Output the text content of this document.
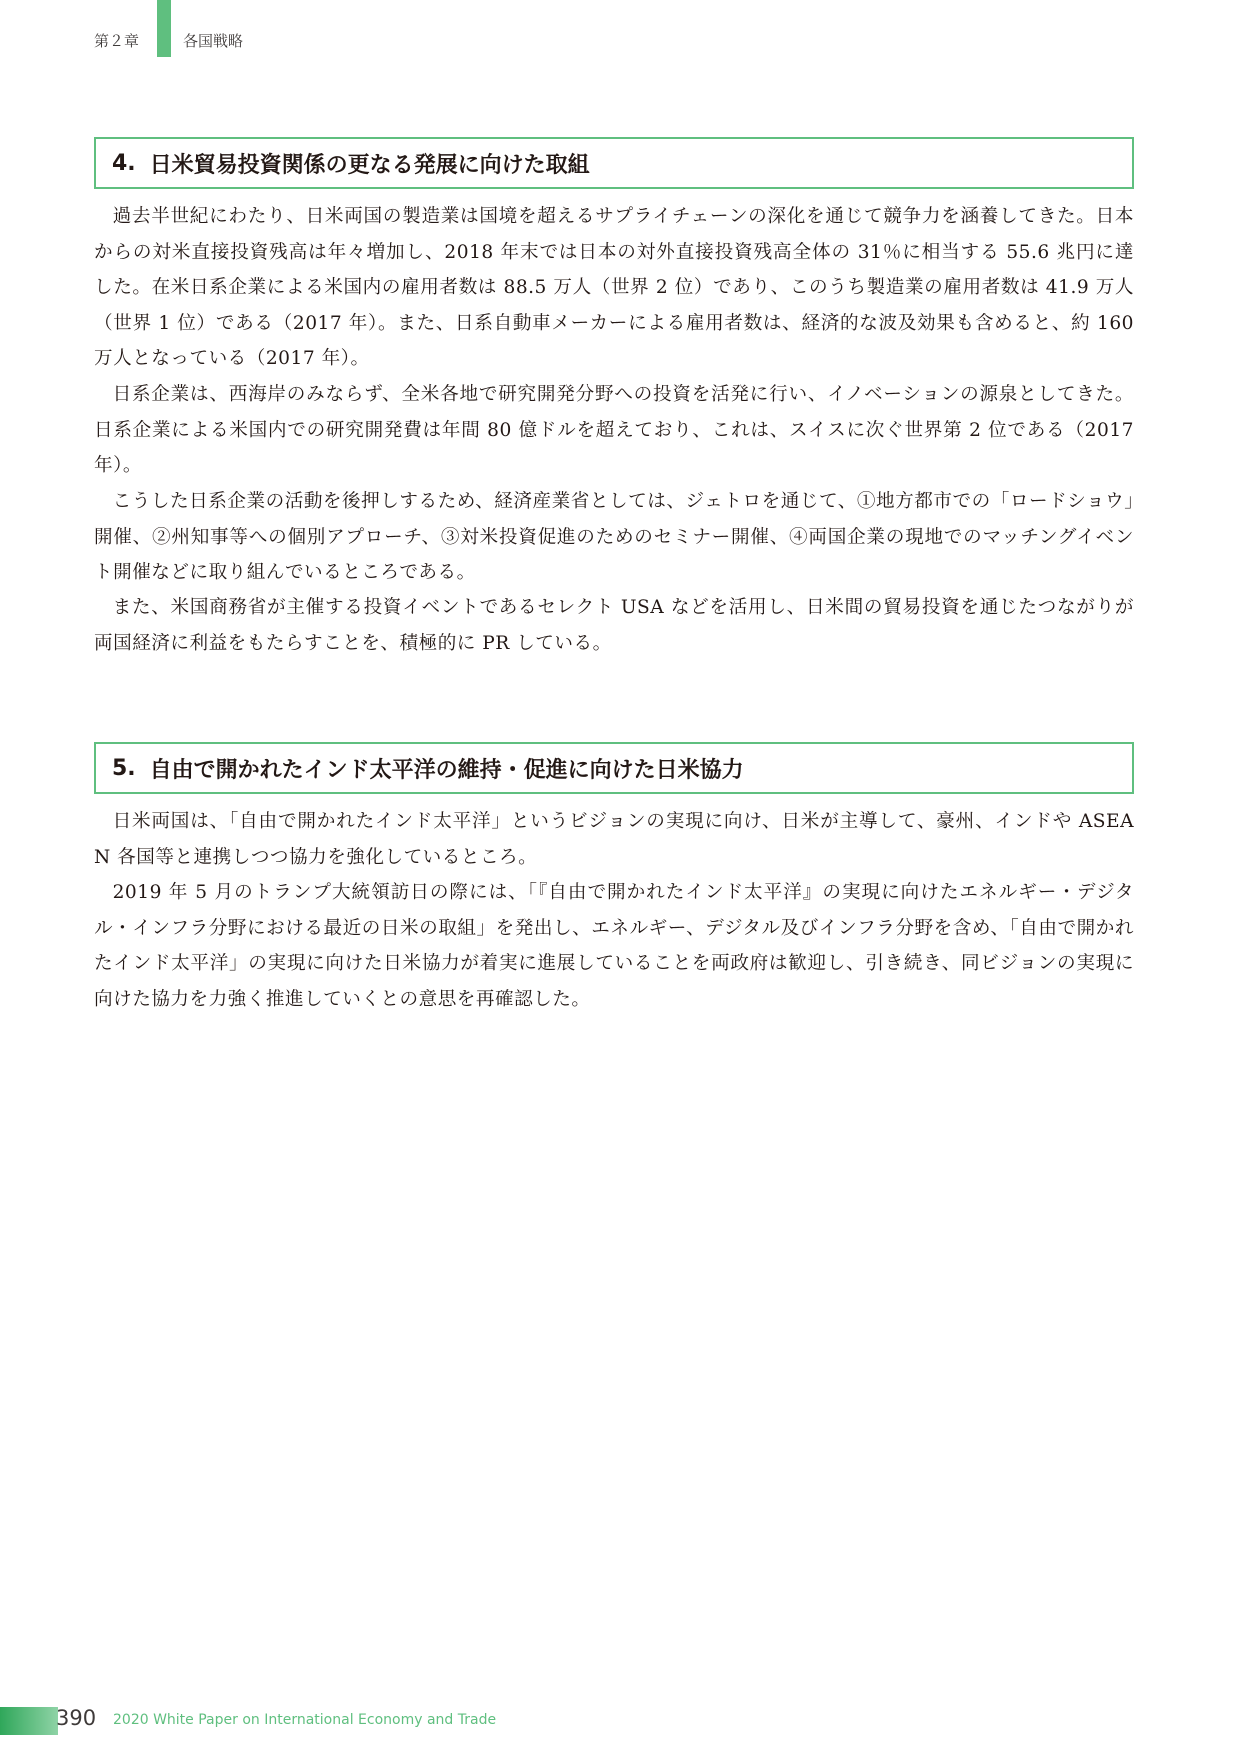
第２章	各国戦略
4. 日米貿易投資関係の更なる発展に向けた取組

過去半世紀にわたり、日米両国の製造業は国境を超えるサプライチェーンの深化を通じて競争力を涵養してきた。日本からの対米直接投資残高は年々増加し、2018 年末では日本の対外直接投資残高全体の 31％に相当する 55.6 兆円に達した。在米日系企業による米国内の雇用者数は 88.5 万人（世界 2 位）であり、このうち製造業の雇用者数は 41.9 万人（世界 1 位）である（2017 年）。また、日系自動車メーカーによる雇用者数は、経済的な波及効果も含めると、約 160 万人となっている（2017 年）。

日系企業は、西海岸のみならず、全米各地で研究開発分野への投資を活発に行い、イノベーションの源泉としてきた。日系企業による米国内での研究開発費は年間 80 億ドルを超えており、これは、スイスに次ぐ世界第 2 位である（2017 年）。

こうした日系企業の活動を後押しするため、経済産業省としては、ジェトロを通じて、①地方都市での「ロードショウ」開催、②州知事等への個別アプローチ、③対米投資促進のためのセミナー開催、④両国企業の現地でのマッチングイベント開催などに取り組んでいるところである。

また、米国商務省が主催する投資イベントであるセレクト USA などを活用し、日米間の貿易投資を通じたつながりが両国経済に利益をもたらすことを、積極的に PR している。

5. 自由で開かれたインド太平洋の維持・促進に向けた日米協力

日米両国は、「自由で開かれたインド太平洋」というビジョンの実現に向け、日米が主導して、豪州、インドや ASEAN 各国等と連携しつつ協力を強化しているところ。

2019 年 5 月のトランプ大統領訪日の際には、「『自由で開かれたインド太平洋』の実現に向けたエネルギー・デジタル・インフラ分野における最近の日米の取組」を発出し、エネルギー、デジタル及びインフラ分野を含め、「自由で開かれたインド太平洋」の実現に向けた日米協力が着実に進展していることを両政府は歓迎し、引き続き、同ビジョンの実現に向けた協力を力強く推進していくとの意思を再確認した。

390 2020 White Paper on International Economy and Trade
